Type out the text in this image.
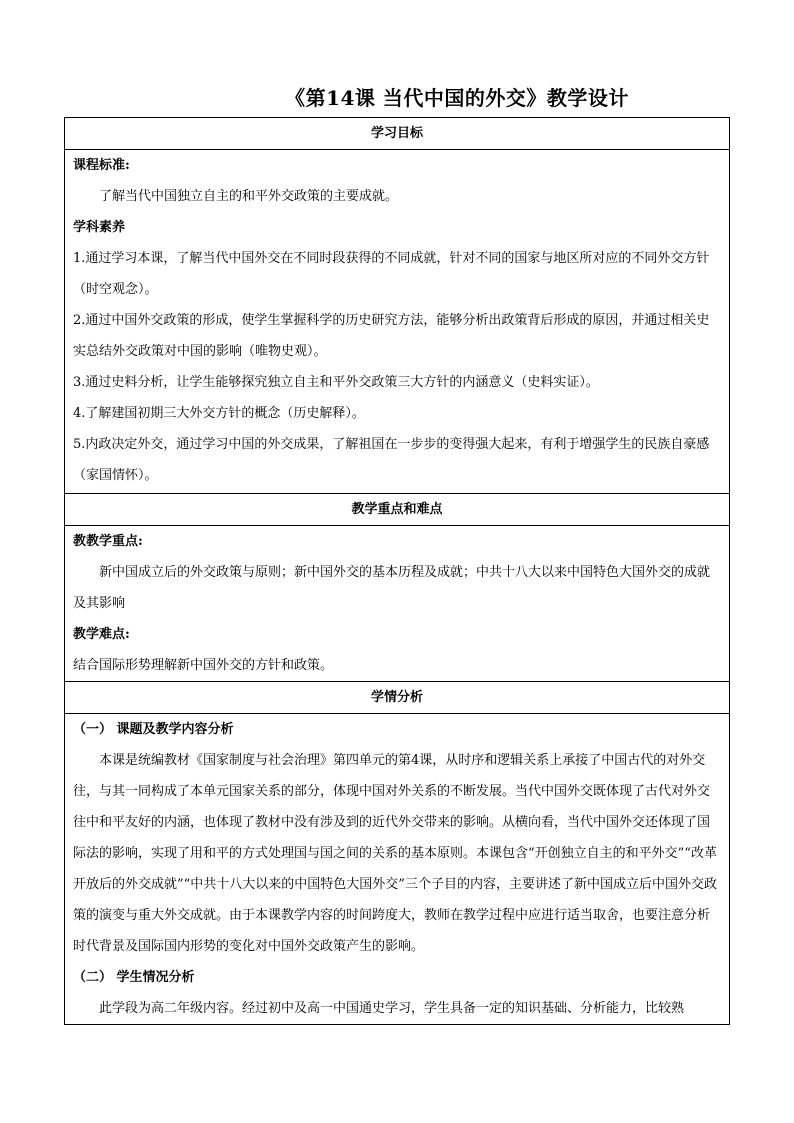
《第14课 当代中国的外交》教学设计
学习目标

课程标准:

了解当代中国独立自主的和平外交政策的主要成就。

学科素养

1.通过学习本课，了解当代中国外交在不同时段获得的不同成就，针对不同的国家与地区所对应的不同外交方针（时空观念）。

2.通过中国外交政策的形成，使学生掌握科学的历史研究方法，能够分析出政策背后形成的原因，并通过相关史实总结外交政策对中国的影响（唯物史观）。

3.通过史料分析，让学生能够探究独立自主和平外交政策三大方针的内涵意义（史料实证）。

4.了解建国初期三大外交方针的概念（历史解释）。

5.内政决定外交，通过学习中国的外交成果，了解祖国在一步步的变得强大起来，有利于增强学生的民族自豪感（家国情怀）。

教学重点和难点

教教学重点:

新中国成立后的外交政策与原则；新中国外交的基本历程及成就；中共十八大以来中国特色大国外交的成就及其影响

教学难点:

结合国际形势理解新中国外交的方针和政策。

学情分析

（一） 课题及教学内容分析

本课是统编教材《国家制度与社会治理》第四单元的第4课，从时序和逻辑关系上承接了中国古代的对外交往，与其一同构成了本单元国家关系的部分，体现中国对外关系的不断发展。当代中国外交既体现了古代对外交往中和平友好的内涵，也体现了教材中没有涉及到的近代外交带来的影响。从横向看，当代中国外交还体现了国际法的影响，实现了用和平的方式处理国与国之间的关系的基本原则。本课包含“开创独立自主的和平外交”“改革开放后的外交成就”“中共十八大以来的中国特色大国外交”三个子目的内容，主要讲述了新中国成立后中国外交政策的演变与重大外交成就。由于本课教学内容的时间跨度大，教师在教学过程中应进行适当取舍，也要注意分析时代背景及国际国内形势的变化对中国外交政策产生的影响。

（二） 学生情况分析

此学段为高二年级内容。经过初中及高一中国通史学习，学生具备一定的知识基础、分析能力，比较熟
